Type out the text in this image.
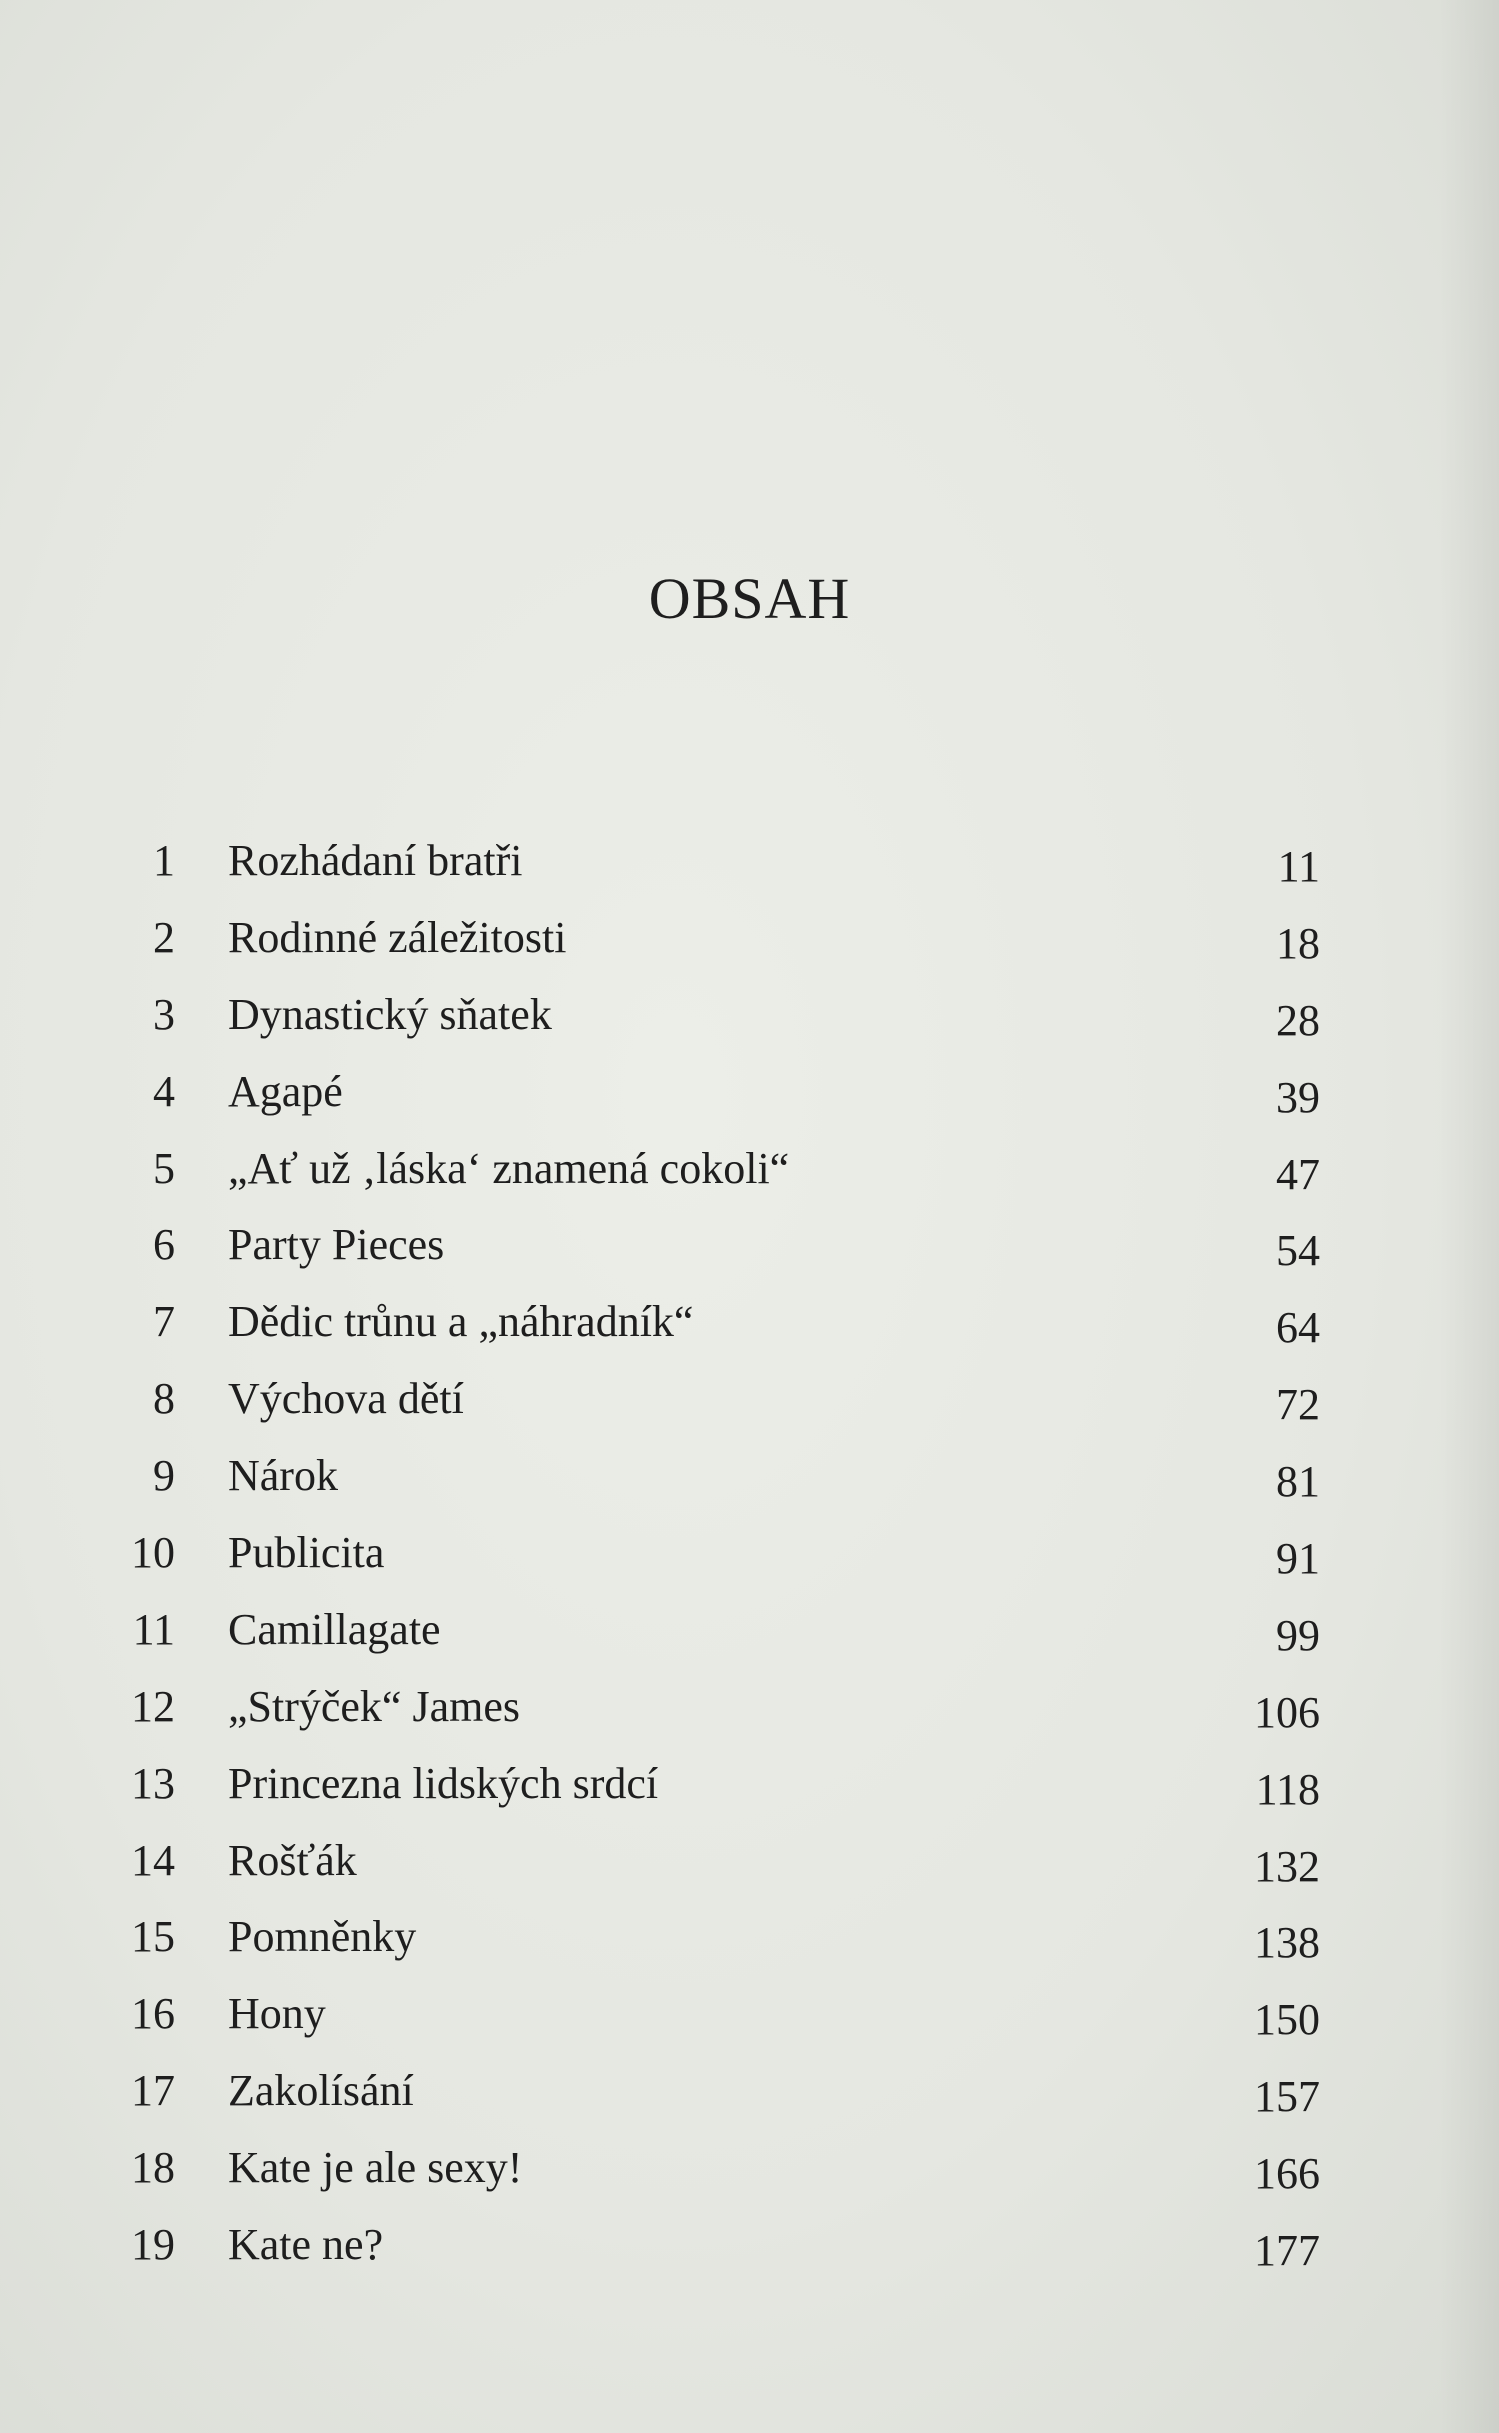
OBSAH
1 Rozhádaní bratři	11
2 Rodinné záležitosti	18
3 Dynastický sňatek	28
4 Agapé	39
5 „Ať už ‚láska‘ znamená cokoli“	47
6 Party Pieces	54
7 Dědic trůnu a „náhradník“	64
8 Výchova dětí	72
9 Nárok	81
10 Publicita	91
11 Camillagate	99
12 „Strýček“ James	106
13 Princezna lidských srdcí	118
14 Rošťák	132
15 Pomněnky	138
16 Hony	150
17 Zakolísání	157
18 Kate je ale sexy!	166
19 Kate ne?	177
